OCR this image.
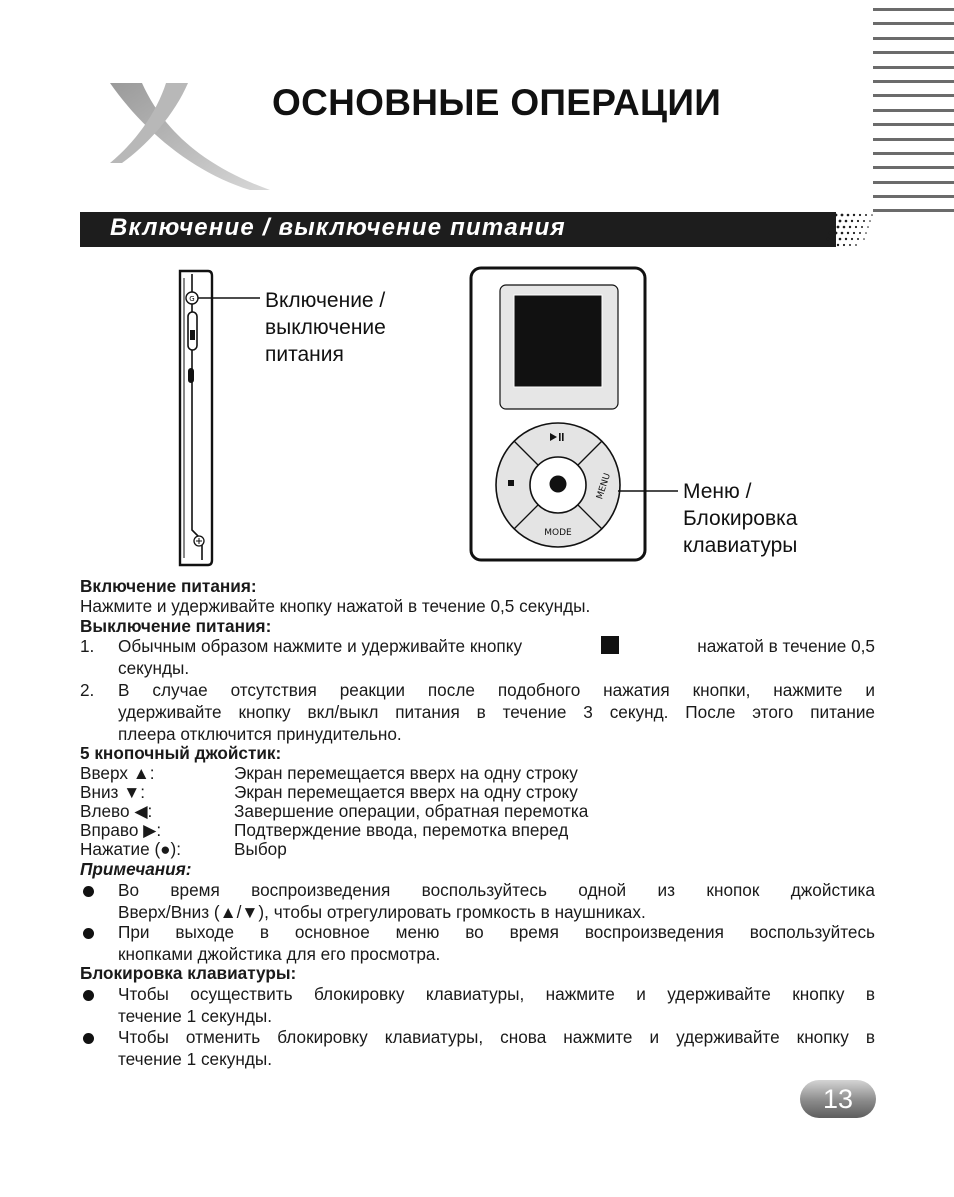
ОСНОВНЫЕ ОПЕРАЦИИ
Включение / выключение питания
G	Включение /
выключение
питания
MODE
MENU	Меню /
Блокировка
клавиатуры
Включение питания:
Нажмите и удерживайте кнопку нажатой в течение 0,5 секунды.
Выключение питания:
1. Обычным образом нажмите и удерживайте кнопку	нажатой в течение 0,5
секунды.
2. В случае отсутствия реакции после подобного нажатия кнопки, нажмите и
удерживайте кнопку вкл/выкл питания в течение 3 секунд. После этого питание
плеера отключится принудительно.
5 кнопочный джойстик:
Вверх ▲:	Экран перемещается вверх на одну строку
Вниз ▼:	Экран перемещается вверх на одну строку
Влево ◀:	Завершение операции, обратная перемотка
Вправо ▶:	Подтверждение ввода, перемотка вперед
Нажатие (●):	Выбор
Примечания:
Во время воспроизведения воспользуйтесь одной из кнопок джойстика
Вверх/Вниз (▲/▼), чтобы отрегулировать громкость в наушниках.
При выходе в основное меню во время воспроизведения воспользуйтесь
кнопками джойстика для его просмотра.
Блокировка клавиатуры:
Чтобы осуществить блокировку клавиатуры, нажмите и удерживайте кнопку в
течение 1 секунды.
Чтобы отменить блокировку клавиатуры, снова нажмите и удерживайте кнопку в
течение 1 секунды.
13
